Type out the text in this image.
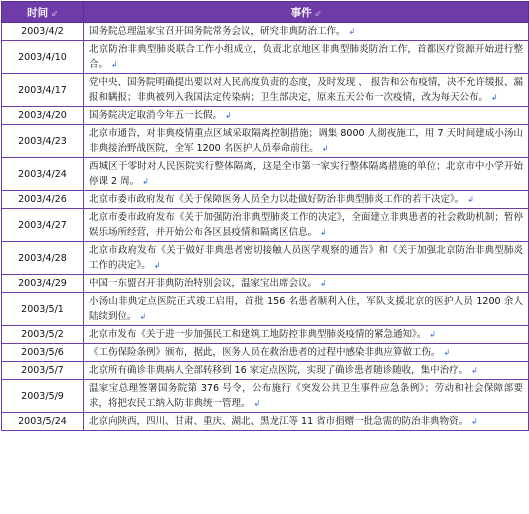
时间 ⬃	事件 ⬃
2003/4/2	国务院总理温家宝召开国务院常务会议，研究非典防治工作。 ↲
2003/4/10	北京防治非典型肺炎联合工作小组成立，负责北京地区非典型肺炎防治工作，首都医疗资源开始进行整合。 ↲
2003/4/17	党中央、国务院明确提出要以对人民高度负责的态度，及时发现 、 报告和公布疫情，决不允许缓报、漏报和瞒报；非典被列入我国法定传染病；卫生部决定，原来五天公布一次疫情，改为每天公布。 ↲
2003/4/20	国务院决定取消今年五一长假。 ↲
2003/4/23	北京市通告，对非典疫情重点区域采取隔离控制措施；调集 8000 人彻夜施工，用 7 天时间建成小汤山非典接治野战医院，全军 1200 名医护人员奉命前往。 ↲
2003/4/24	西城区于零时对人民医院实行整体隔离，这是全市第一家实行整体隔离措施的单位；北京市中小学开始停课 2 周。 ↲
2003/4/26	北京市委市政府发布《关于保障医务人员全力以赴做好防治非典型肺炎工作的若干决定》。 ↲
2003/4/27	北京市委市政府发布《关于加强防治非典型肺炎工作的决定》，全面建立非典患者的社会救助机制；暂停娱乐场所经营，并开始公布各区县疫情和隔离区信息。 ↲
2003/4/28	北京市政府发布《关于做好非典患者密切接触人员医学观察的通告》和《关于加强北京防治非典型肺炎工作的决定》。 ↲
2003/4/29	中国一东盟召开非典防治特别会议，温家宝出席会议。 ↲
2003/5/1	小汤山非典定点医院正式竣工启用，首批 156 名患者顺利入住，军队支援北京的医护人员 1200 余人陆续到位。 ↲
2003/5/2	北京市发布《关于进一步加强民工和建筑工地防控非典型肺炎疫情的紧急通知》。 ↲
2003/5/6	《工伤保险条例》颁布，据此，医务人员在救治患者的过程中感染非典应算做工伤。 ↲
2003/5/7	北京所有确诊非典病人全部转移到 16 家定点医院，实现了确诊患者随诊随收，集中治疗。 ↲
2003/5/9	温家宝总理签署国务院第 376 号令，公布施行《突发公共卫生事件应急条例》；劳动和社会保障部要求，将把农民工纳入防非典统一管理。 ↲
2003/5/24	北京向陕西，四川、甘肃、重庆、湖北、黑龙江等 11 省市捐赠一批急需的防治非典物资。 ↲
